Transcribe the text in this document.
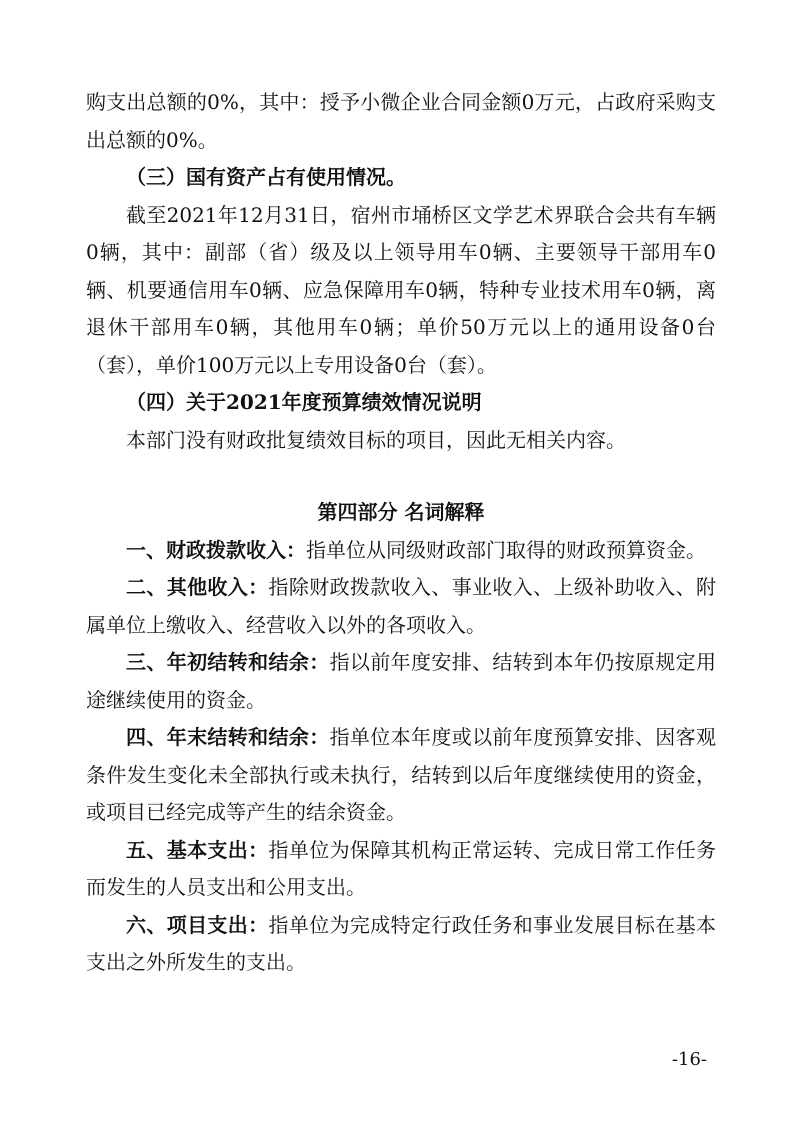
购支出总额的0%，其中：授予小微企业合同金额0万元，占政府采购支出总额的0%。

（三）国有资产占有使用情况。

截至2021年12月31日，宿州市埇桥区文学艺术界联合会共有车辆0辆，其中：副部（省）级及以上领导用车0辆、主要领导干部用车0辆、机要通信用车0辆、应急保障用车0辆，特种专业技术用车0辆，离退休干部用车0辆，其他用车0辆；单价50万元以上的通用设备0台（套），单价100万元以上专用设备0台（套）。

（四）关于2021年度预算绩效情况说明

本部门没有财政批复绩效目标的项目，因此无相关内容。

第四部分 名词解释

一、财政拨款收入：指单位从同级财政部门取得的财政预算资金。

二、其他收入：指除财政拨款收入、事业收入、上级补助收入、附属单位上缴收入、经营收入以外的各项收入。

三、年初结转和结余：指以前年度安排、结转到本年仍按原规定用途继续使用的资金。

四、年末结转和结余：指单位本年度或以前年度预算安排、因客观条件发生变化未全部执行或未执行，结转到以后年度继续使用的资金，或项目已经完成等产生的结余资金。

五、基本支出：指单位为保障其机构正常运转、完成日常工作任务而发生的人员支出和公用支出。

六、项目支出：指单位为完成特定行政任务和事业发展目标在基本支出之外所发生的支出。

-16-
